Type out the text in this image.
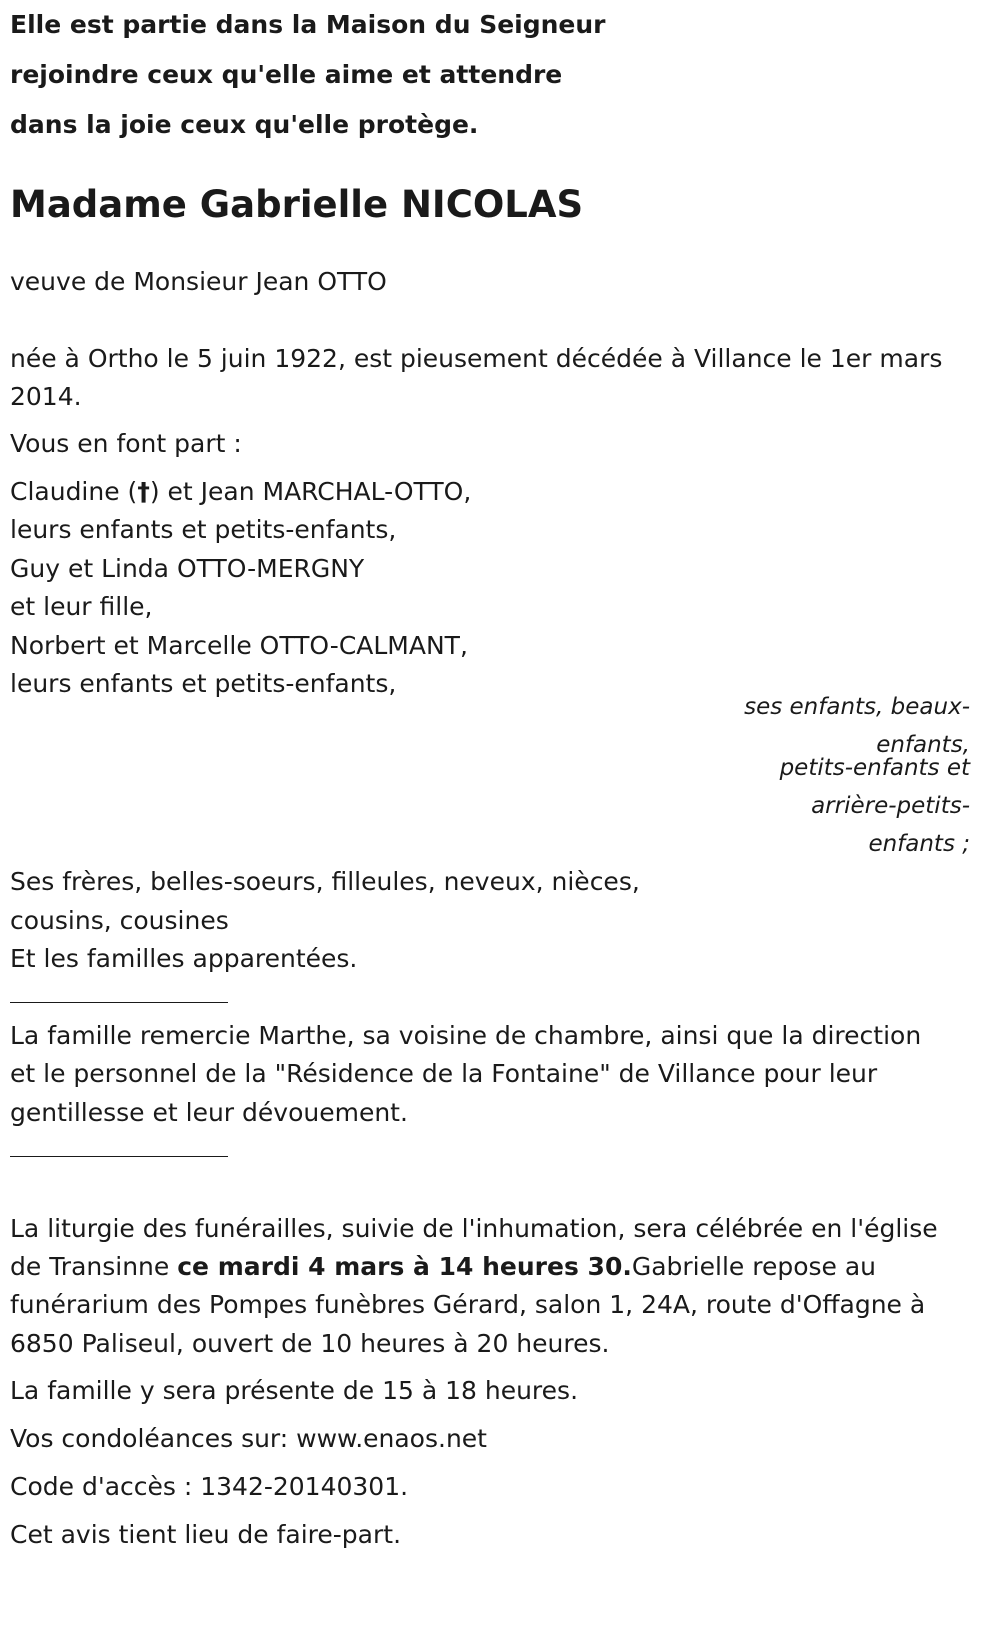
Elle est partie dans la Maison du Seigneur
rejoindre ceux qu'elle aime et attendre
dans la joie ceux qu'elle protège.
Madame Gabrielle NICOLAS

veuve de Monsieur Jean OTTO

née à Ortho le 5 juin 1922, est pieusement décédée à Villance le 1er mars

2014.

Vous en font part :

Claudine (†) et Jean MARCHAL-OTTO,

leurs enfants et petits-enfants,

Guy et Linda OTTO-MERGNY

et leur fille,

Norbert et Marcelle OTTO-CALMANT,

leurs enfants et petits-enfants,

ses enfants, beaux-
enfants,
petits-enfants et
arrière-petits-
enfants ;

Ses frères, belles-soeurs, filleules, neveux, nièces,

cousins, cousines

Et les familles apparentées.

La famille remercie Marthe, sa voisine de chambre, ainsi que la direction

et le personnel de la "Résidence de la Fontaine" de Villance pour leur

gentillesse et leur dévouement.

La liturgie des funérailles, suivie de l'inhumation, sera célébrée en l'église

de Transinne ce mardi 4 mars à 14 heures 30.Gabrielle repose au

funérarium des Pompes funèbres Gérard, salon 1, 24A, route d'Offagne à

6850 Paliseul, ouvert de 10 heures à 20 heures.

La famille y sera présente de 15 à 18 heures.

Vos condoléances sur: www.enaos.net

Code d'accès : 1342-20140301.

Cet avis tient lieu de faire-part.
